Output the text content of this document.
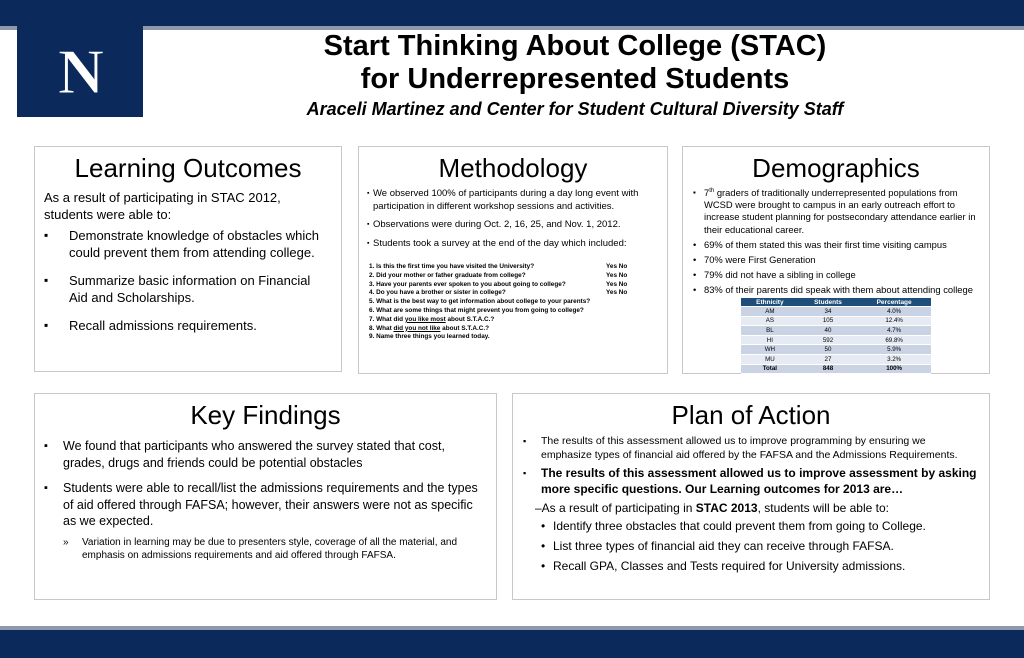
N	Start Thinking About College (STAC)
for Underrepresented Students
Araceli Martinez and Center for Student Cultural Diversity Staff
Learning Outcomes
As a result of participating in STAC 2012, students were able to:
▪ Demonstrate knowledge of obstacles which could prevent them from attending college.
▪ Summarize basic information on Financial Aid and Scholarships.
▪ Recall admissions requirements.
Methodology
▪ We observed 100% of participants during a day long event with participation in different workshop sessions and activities.
▪ Observations were during Oct. 2, 16, 25, and Nov. 1, 2012.
▪ Students took a survey at the end of the day which included:
1. Is this the first time you have visited the University?	Yes No
2. Did your mother or father graduate from college?	Yes No
3. Have your parents ever spoken to you about going to college?	Yes No
4. Do you have a brother or sister in college?	Yes No
5. What is the best way to get information about college to your parents?
6. What are some things that might prevent you from going to college?
7. What did you like most about S.T.A.C.?
8. What did you not like about S.T.A.C.?
9. Name three things you learned today.
Demographics
▪ 7th graders of traditionally underrepresented populations from WCSD were brought to campus in an early outreach effort to increase student planning for postsecondary attendance earlier in their educational career.
• 69% of them stated this was their first time visiting campus
• 70% were First Generation
• 79% did not have a sibling in college
• 83% of their parents did speak with them about attending college
Ethnicity	Students	Percentage
AM	34	4.0%
AS	105	12.4%
BL	40	4.7%
HI	592	69.8%
WH	50	5.9%
MU	27	3.2%
Total	848	100%
Key Findings
▪ We found that participants who answered the survey stated that cost, grades, drugs and friends could be potential obstacles
▪ Students were able to recall/list the admissions requirements and the types of aid offered through FAFSA; however, their answers were not as specific as we expected.
» Variation in learning may be due to presenters style, coverage of all the material, and emphasis on admissions requirements and aid offered through FAFSA.
Plan of Action
▪ The results of this assessment allowed us to improve programming by ensuring we emphasize types of financial aid offered by the FAFSA and the Admissions Requirements.
▪ The results of this assessment allowed us to improve assessment by asking more specific questions. Our Learning outcomes for 2013 are…
–As a result of participating in STAC 2013, students will be able to:
• Identify three obstacles that could prevent them from going to College.
• List three types of financial aid they can receive through FAFSA.
• Recall GPA, Classes and Tests required for University admissions.
